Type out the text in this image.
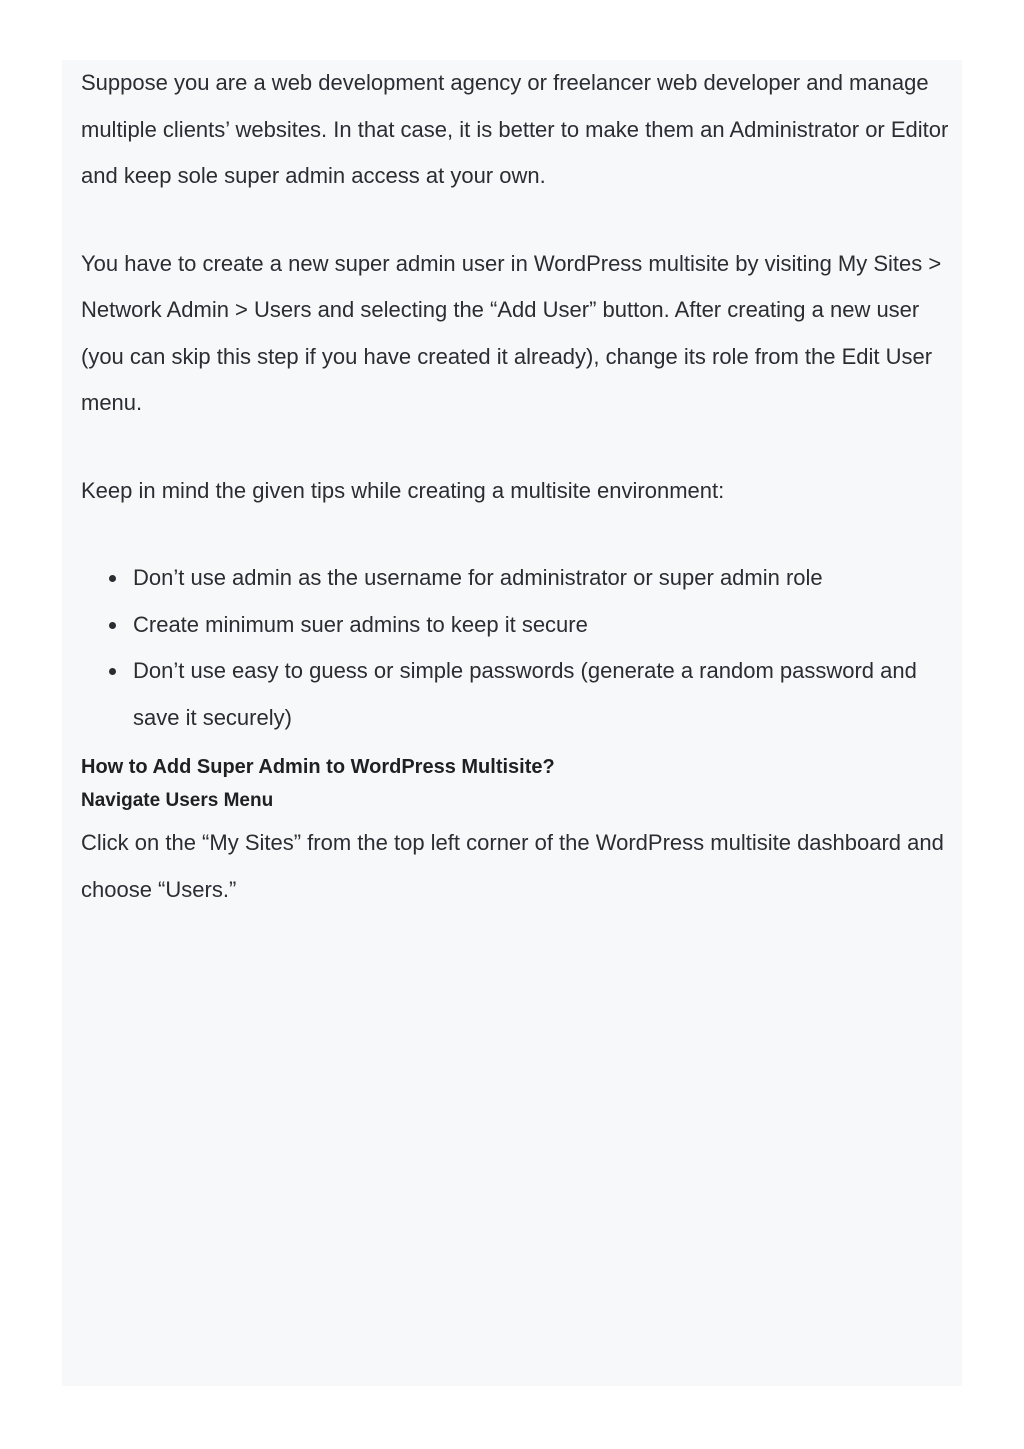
Suppose you are a web development agency or freelancer web developer and manage multiple clients’ websites. In that case, it is better to make them an Administrator or Editor and keep sole super admin access at your own.

You have to create a new super admin user in WordPress multisite by visiting My Sites > Network Admin > Users and selecting the “Add User” button. After creating a new user (you can skip this step if you have created it already), change its role from the Edit User menu.

Keep in mind the given tips while creating a multisite environment:

Don’t use admin as the username for administrator or super admin role
Create minimum suer admins to keep it secure
Don’t use easy to guess or simple passwords (generate a random password and save it securely)
How to Add Super Admin to WordPress Multisite?
Navigate Users Menu

Click on the “My Sites” from the top left corner of the WordPress multisite dashboard and choose “Users.”
